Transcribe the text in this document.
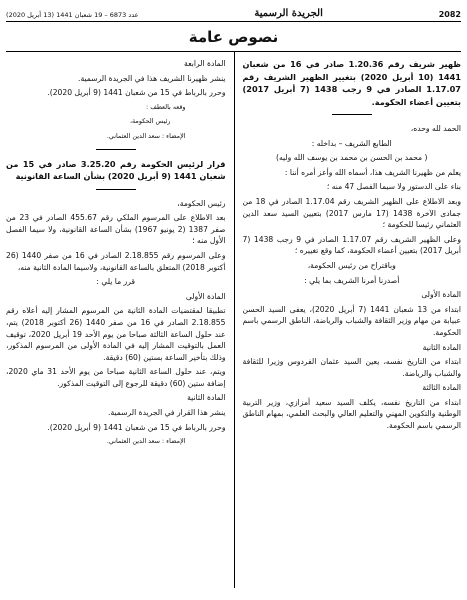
2082
الجريدة الرسمية
عدد 6873 – 19 شعبان 1441 (13 أبريل 2020)
نصوص عامة

ظهير شريف رقم 1.20.36 صادر في 16 من شعبان 1441 (10 أبريل 2020) بتغيير الظهير الشريف رقم 1.17.07 الصادر في 9 رجب 1438 (7 أبريل 2017) بتعيين أعضاء الحكومة.

الحمد لله وحده،

الطابع الشريف – بداخله :

( محمد بن الحسن بن محمد بن يوسف الله وليه)

يعلم من ظهيرنا الشريف هذا، أسماه الله وأعز أمره أننا :

بناء على الدستور ولا سيما الفصل 47 منه ؛

وبعد الاطلاع على الظهير الشريف رقم 1.17.04 الصادر في 18 من جمادى الآخرة 1438 (17 مارس 2017) بتعيين السيد سعد الدين العثماني رئيسا للحكومة ؛

وعلى الظهير الشريف رقم 1.17.07 الصادر في 9 رجب 1438 (7 أبريل 2017) بتعيين أعضاء الحكومة، كما وقع تغييره ؛

وباقتراح من رئيس الحكومة،

أصدرنا أمرنا الشريف بما يلي :

المادة الأولى

ابتداء من 13 شعبان 1441 (7 أبريل 2020)، يعفى السيد الحسن عبيابة من مهام وزير الثقافة والشباب والرياضة، الناطق الرسمي باسم الحكومة.

المادة الثانية

ابتداء من التاريخ نفسه، يعين السيد عثمان الفردوس وزيرا للثقافة والشباب والرياضة.

المادة الثالثة

ابتداء من التاريخ نفسه، يكلف السيد سعيد أمزازي، وزير التربية الوطنية والتكوين المهني والتعليم العالي والبحث العلمي، بمهام الناطق الرسمي باسم الحكومة.

المادة الرابعة

ينشر ظهيرنا الشريف هذا في الجريدة الرسمية.

وحرر بالرباط في 15 من شعبان 1441 (9 أبريل 2020).

وقعه بالعطف :

رئيس الحكومة،

الإمضاء : سعد الدين العثماني.

قرار لرئيس الحكومة رقم 3.25.20 صادر في 15 من شعبان 1441 (9 أبريل 2020) بشأن الساعة القانونية

رئيس الحكومة،

بعد الاطلاع على المرسوم الملكي رقم 455.67 الصادر في 23 من صفر 1387 (2 يونيو 1967) بشأن الساعة القانونية، ولا سيما الفصل الأول منه ؛

وعلى المرسوم رقم 2.18.855 الصادر في 16 من صفر 1440 (26 أكتوبر 2018) المتعلق بالساعة القانونية، ولاسيما المادة الثانية منه،

قرر ما يلي :

المادة الأولى

تطبيقا لمقتضيات المادة الثانية من المرسوم المشار إليه أعلاه رقم 2.18.855 الصادر في 16 من صفر 1440 (26 أكتوبر 2018) يتم، عند حلول الساعة الثالثة صباحا من يوم الأحد 19 أبريل 2020، توقيف العمل بالتوقيت المشار إليه في المادة الأولى من المرسوم المذكور، وذلك بتأخير الساعة بستين (60) دقيقة.

ويتم، عند حلول الساعة الثانية صباحا من يوم الأحد 31 ماي 2020، إضافة ستين (60) دقيقة للرجوع إلى التوقيت المذكور.

المادة الثانية

ينشر هذا القرار في الجريدة الرسمية.

وحرر بالرباط في 15 من شعبان 1441 (9 أبريل 2020).

الإمضاء : سعد الدين العثماني.
